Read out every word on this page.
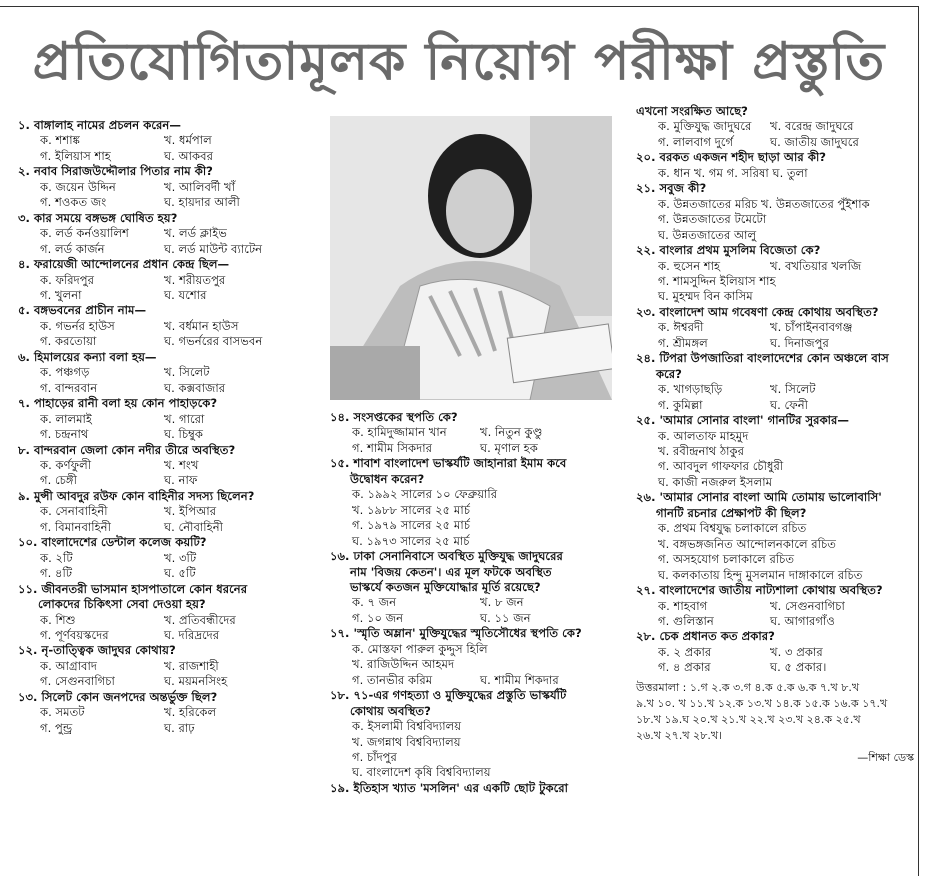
প্রতিযোগিতামূলক নিয়োগ পরীক্ষা প্রস্তুতি
১. বাঙ্গালাহ নামের প্রচলন করেন—
ক. শশাঙ্ক	খ. ধর্মপাল
গ. ইলিয়াস শাহ	ঘ. আকবর
২. নবাব সিরাজউদ্দৌলার পিতার নাম কী?
ক. জয়েন উদ্দিন	খ. আলিবর্দী খাঁ
গ. শওকত জং	ঘ. হায়দার আলী
৩. কার সময়ে বঙ্গভঙ্গ ঘোষিত হয়?
ক. লর্ড কর্নওয়ালিশ	খ. লর্ড ক্লাইভ
গ. লর্ড কার্জন	ঘ. লর্ড মাউন্ট ব্যাটেন
৪. ফরায়েজী আন্দোলনের প্রধান কেন্দ্র ছিল—
ক. ফরিদপুর	খ. শরীয়তপুর
গ. খুলনা	ঘ. যশোর
৫. বঙ্গভবনের প্রাচীন নাম—
ক. গভর্নর হাউস	খ. বর্ধমান হাউস
গ. করতোয়া	ঘ. গভর্নরের বাসভবন
৬. হিমালয়ের কন্যা বলা হয়—
ক. পঞ্চগড়	খ. সিলেট
গ. বান্দরবান	ঘ. কক্সবাজার
৭. পাহাড়ের রানী বলা হয় কোন পাহাড়কে?
ক. লালমাই	খ. গারো
গ. চন্দ্রনাথ	ঘ. চিম্বুক
৮. বান্দরবান জেলা কোন নদীর তীরে অবস্থিত?
ক. কর্ণফুলী	খ. শংখ
গ. চেঙ্গী	ঘ. নাফ
৯. মুন্সী আবদুর রউফ কোন বাহিনীর সদস্য ছিলেন?
ক. সেনাবাহিনী	খ. ইপিআর
গ. বিমানবাহিনী	ঘ. নৌবাহিনী
১০. বাংলাদেশের ডেন্টাল কলেজ কয়টি?
ক. ২টি	খ. ৩টি
গ. ৪টি	ঘ. ৫টি
১১. জীবনতরী ভাসমান হাসপাতালে কোন ধরনের
লোকদের চিকিৎসা সেবা দেওয়া হয়?
ক. শিশু	খ. প্রতিবন্ধীদের
গ. পূর্ণবয়স্কদের	ঘ. দরিদ্রদের
১২. নৃ-তাত্ত্বিক জাদুঘর কোথায়?
ক. আগ্রাবাদ	খ. রাজশাহী
গ. সেগুনবাগিচা	ঘ. ময়মনসিংহ
১৩. সিলেট কোন জনপদের অন্তর্ভুক্ত ছিল?
ক. সমতট	খ. হরিকেল
গ. পুন্ড্র	ঘ. রাঢ়
১৪. সংসপ্তকের স্থপতি কে?
ক. হামিদুজ্জামান খান	খ. নিতুন কুণ্ডু
গ. শামীম সিকদার	ঘ. মৃণাল হক
১৫. শাবাশ বাংলাদেশ ভাস্কর্যটি জাহানারা ইমাম কবে
উদ্বোধন করেন?
ক. ১৯৯২ সালের ১০ ফেব্রুয়ারি
খ. ১৯৮৮ সালের ২৫ মার্চ
গ. ১৯৭৯ সালের ২৫ মার্চ
ঘ. ১৯৭৩ সালের ২৫ মার্চ
১৬. ঢাকা সেনানিবাসে অবস্থিত মুক্তিযুদ্ধ জাদুঘরের
নাম 'বিজয় কেতন'। এর মূল ফটকে অবস্থিত
ভাস্কর্যে কতজন মুক্তিযোদ্ধার মূর্তি রয়েছে?
ক. ৭ জন	খ. ৮ জন
গ. ১০ জন	ঘ. ১১ জন
১৭. 'স্মৃতি অম্লান' মুক্তিযুদ্ধের স্মৃতিসৌধের স্থপতি কে?
ক. মোস্তফা পারুল কুদ্দুস হিলি
খ. রাজিউদ্দিন আহমদ
গ. তানভীর করিম	ঘ. শামীম শিকদার
১৮. ৭১-এর গণহত্যা ও মুক্তিযুদ্ধের প্রস্তুতি ভাস্কর্যটি
কোথায় অবস্থিত?
ক. ইসলামী বিশ্ববিদ্যালয়
খ. জগন্নাথ বিশ্ববিদ্যালয়
গ. চাঁদপুর
ঘ. বাংলাদেশ কৃষি বিশ্ববিদ্যালয়
১৯. ইতিহাস খ্যাত 'মসলিন' এর একটি ছোট টুকরো
এখনো সংরক্ষিত আছে?
ক. মুক্তিযুদ্ধ জাদুঘরে	খ. বরেন্দ্র জাদুঘরে
গ. লালবাগ দুর্গে	ঘ. জাতীয় জাদুঘরে
২০. বরকত একজন শহীদ ছাড়া আর কী?
ক. ধান খ. গম গ. সরিষা ঘ. তুলা
২১. সবুজ কী?
ক. উন্নতজাতের মরিচ খ. উন্নতজাতের পুঁইশাক
গ. উন্নতজাতের টমেটো
ঘ. উন্নতজাতের আলু
২২. বাংলার প্রথম মুসলিম বিজেতা কে?
ক. হুসেন শাহ	খ. বখতিয়ার খলজি
গ. শামসুদ্দিন ইলিয়াস শাহ
ঘ. মুহম্মদ বিন কাসিম
২৩. বাংলাদেশ আম গবেষণা কেন্দ্র কোথায় অবস্থিত?
ক. ঈশ্বরদী	খ. চাঁপাইনবাবগঞ্জ
গ. শ্রীমঙ্গল	ঘ. দিনাজপুর
২৪. টিপরা উপজাতিরা বাংলাদেশের কোন অঞ্চলে বাস
করে?
ক. খাগড়াছড়ি	খ. সিলেট
গ. কুমিল্লা	ঘ. ফেনী
২৫. 'আমার সোনার বাংলা' গানটির সুরকার—
ক. আলতাফ মাহমুদ
খ. রবীন্দ্রনাথ ঠাকুর
গ. আবদুল গাফফার চৌধুরী
ঘ. কাজী নজরুল ইসলাম
২৬. 'আমার সোনার বাংলা আমি তোমায় ভালোবাসি'
গানটি রচনার প্রেক্ষাপট কী ছিল?
ক. প্রথম বিশ্বযুদ্ধ চলাকালে রচিত
খ. বঙ্গভঙ্গজনিত আন্দোলনকালে রচিত
গ. অসহযোগ চলাকালে রচিত
ঘ. কলকাতায় হিন্দু মুসলমান দাঙ্গাকালে রচিত
২৭. বাংলাদেশের জাতীয় নাট্যশালা কোথায় অবস্থিত?
ক. শাহবাগ	খ. সেগুনবাগিচা
গ. গুলিস্তান	ঘ. আগারগাঁও
২৮. চেক প্রধানত কত প্রকার?
ক. ২ প্রকার	খ. ৩ প্রকার
গ. ৪ প্রকার	ঘ. ৫ প্রকার।
উত্তরমালা : ১.গ ২.ক ৩.গ ৪.ক ৫.ক ৬.ক ৭.খ ৮.খ
৯.খ ১০. খ ১১.খ ১২.ক ১৩.খ ১৪.ক ১৫.ক ১৬.ক ১৭.খ
১৮.খ ১৯.ঘ ২০.খ ২১.খ ২২.খ ২৩.খ ২৪.ক ২৫.খ
২৬.খ ২৭.খ ২৮.খ।
—শিক্ষা ডেস্ক
